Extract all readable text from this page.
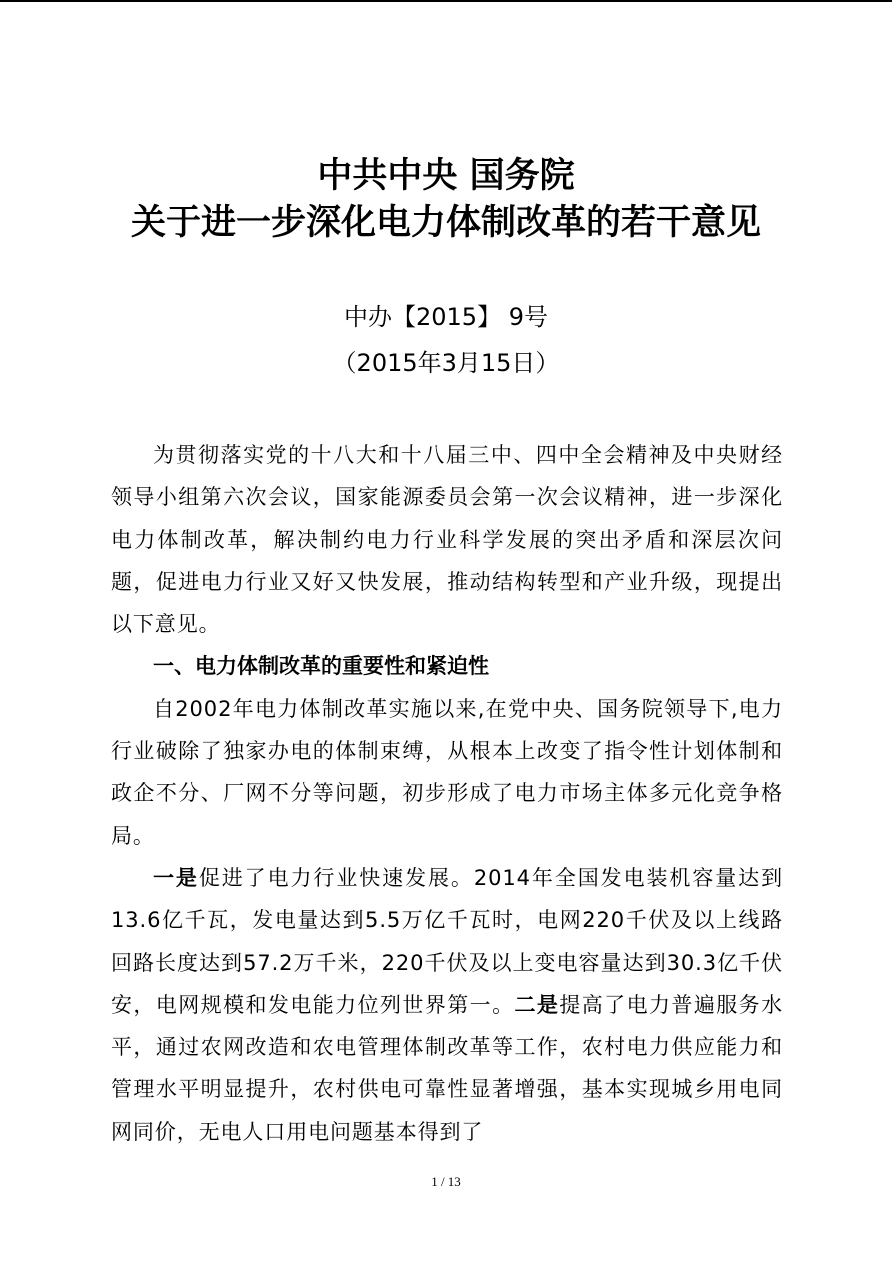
中共中央 国务院
关于进一步深化电力体制改革的若干意见
中办【2015】 9号
（2015年3月15日）

为贯彻落实党的十八大和十八届三中、四中全会精神及中央财经领导小组第六次会议，国家能源委员会第一次会议精神，进一步深化电力体制改革，解决制约电力行业科学发展的突出矛盾和深层次问题，促进电力行业又好又快发展，推动结构转型和产业升级，现提出以下意见。

一、电力体制改革的重要性和紧迫性

自2002年电力体制改革实施以来,在党中央、国务院领导下,电力行业破除了独家办电的体制束缚，从根本上改变了指令性计划体制和政企不分、厂网不分等问题，初步形成了电力市场主体多元化竞争格局。

一是促进了电力行业快速发展。2014年全国发电装机容量达到13.6亿千瓦，发电量达到5.5万亿千瓦时，电网220千伏及以上线路回路长度达到57.2万千米，220千伏及以上变电容量达到30.3亿千伏安，电网规模和发电能力位列世界第一。二是提高了电力普遍服务水平，通过农网改造和农电管理体制改革等工作，农村电力供应能力和管理水平明显提升，农村供电可靠性显著增强，基本实现城乡用电同网同价，无电人口用电问题基本得到了

1 / 13
